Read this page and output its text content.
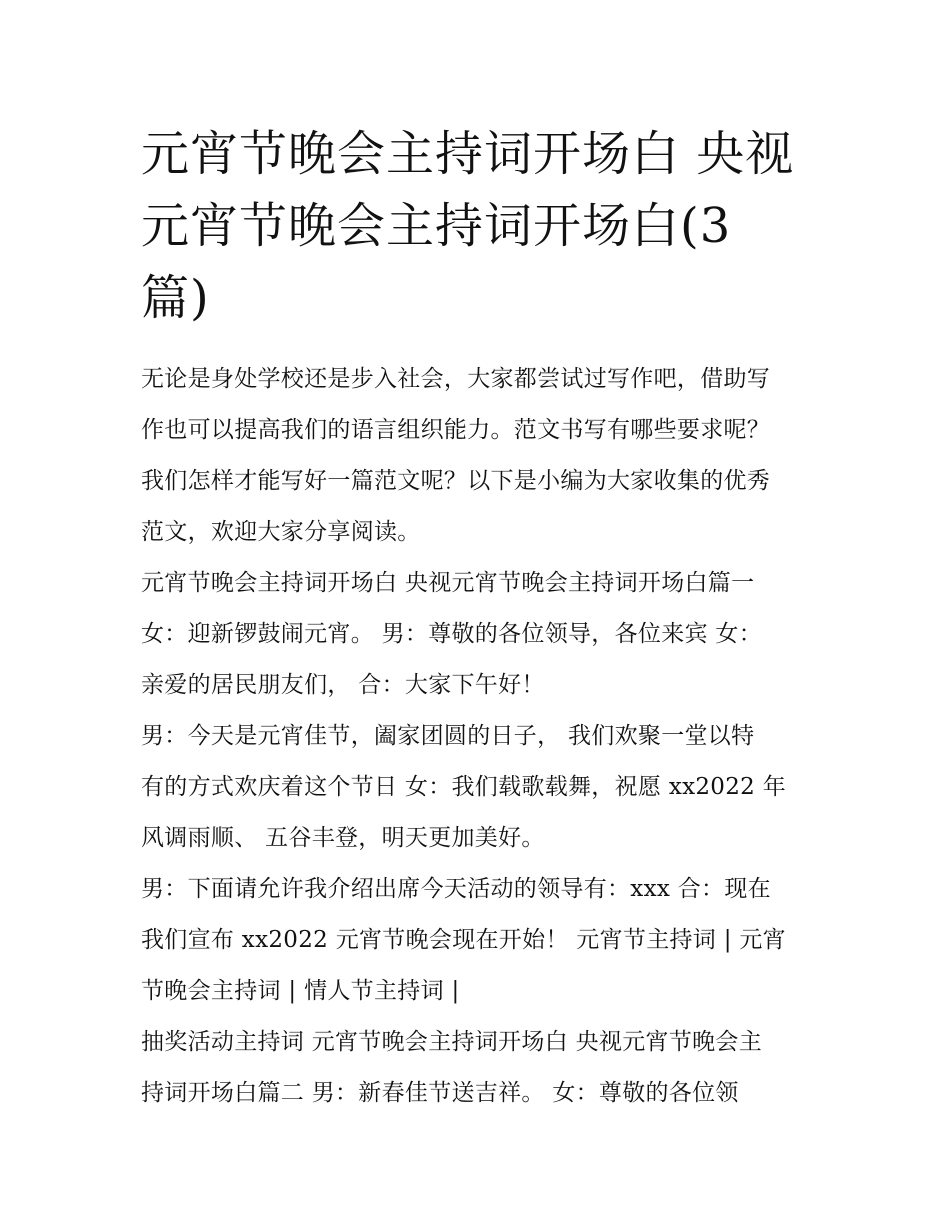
元宵节晚会主持词开场白 央视
元宵节晚会主持词开场白(3
篇)

无论是身处学校还是步入社会，大家都尝试过写作吧，借助写
作也可以提高我们的语言组织能力。范文书写有哪些要求呢？
我们怎样才能写好一篇范文呢？以下是小编为大家收集的优秀
范文，欢迎大家分享阅读。

元宵节晚会主持词开场白 央视元宵节晚会主持词开场白篇一
女：迎新锣鼓闹元宵。 男：尊敬的各位领导，各位来宾 女：
亲爱的居民朋友们， 合：大家下午好！

男：今天是元宵佳节，阖家团圆的日子， 我们欢聚一堂以特
有的方式欢庆着这个节日 女：我们载歌载舞，祝愿 xx2022 年
风调雨顺、 五谷丰登，明天更加美好。

男：下面请允许我介绍出席今天活动的领导有：xxx 合：现在
我们宣布 xx2022 元宵节晚会现在开始！ 元宵节主持词 | 元宵
节晚会主持词 | 情人节主持词 |

抽奖活动主持词 元宵节晚会主持词开场白 央视元宵节晚会主
持词开场白篇二 男：新春佳节送吉祥。 女：尊敬的各位领
